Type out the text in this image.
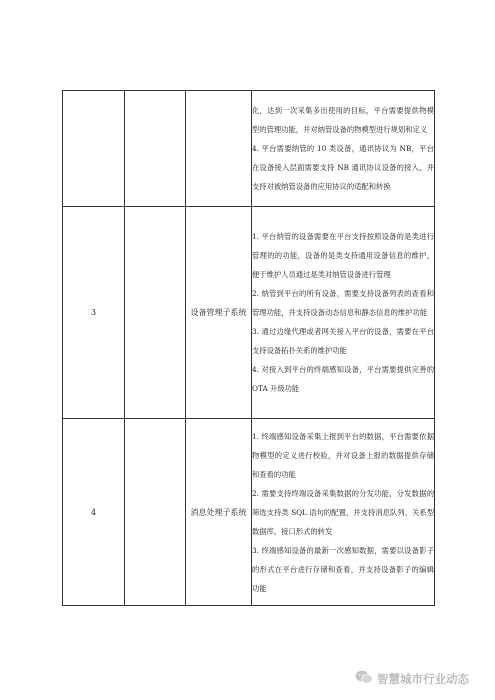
			化，达到一次采集多出使用的目标，平台需要提供物模型的管理功能，并对纳管设备的物模型进行规划和定义

4. 平台需要纳管的 10 类设备，通讯协议为 NB，平台在设备接入层面需要支持 NB 通讯协议设备的接入，并支持对被纳管设备的应用协议的适配和转换

3		设备管理子系统	1. 平台纳管的设备需要在平台支持按照设备的是类进行管理的的功能，设备的是类支持通用设备信息的维护，便于维护人员通过是类对纳管设备进行管理

2. 纳管到平台的所有设备，需要支持设备列表的查看和管理功能，并支持设备动态信息和静态信息的维护功能

3. 通过边缘代理或者网关接入平台的设备，需要在平台支持设备拓扑关系的维护功能

4. 对接入到平台的终端感知设备，平台需要提供完善的 OTA 升级功能

4		消息处理子系统	1. 终端感知设备采集上报到平台的数据，平台需要依据物模型的定义进行校验，并对设备上报的数据提供存储和查看的功能

2. 需要支持终端设备采集数据的分发功能，分发数据的筛选支持类 SQL 语句的配置，并支持消息队列、关系型数据库、接口形式的转发

3. 终端感知设备的最新一次感知数据，需要以设备影子的形式在平台进行存储和查看，并支持设备影子的编辑功能

智慧城市行业动态
